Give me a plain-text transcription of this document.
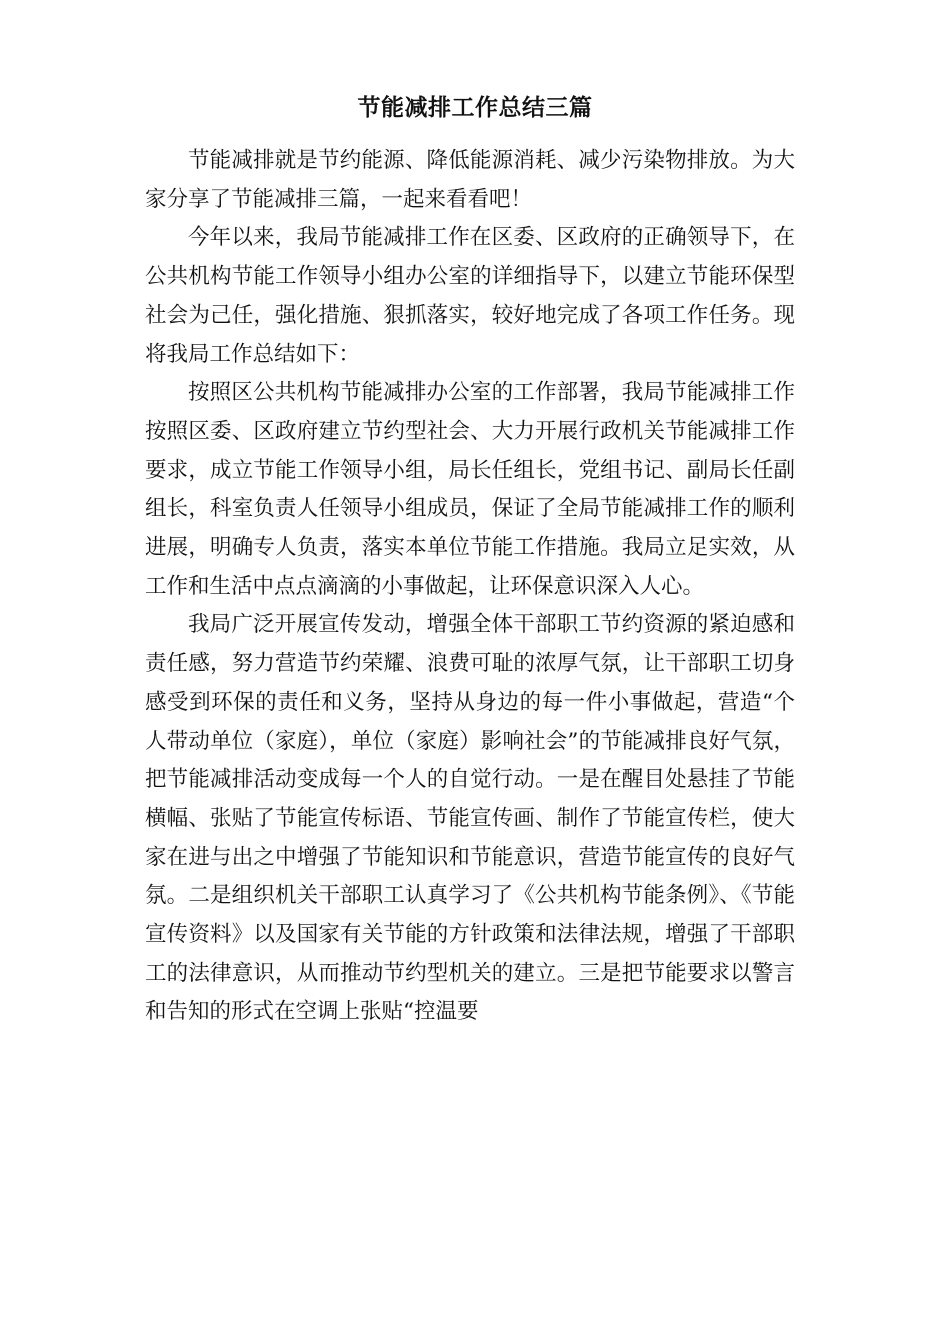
节能减排工作总结三篇

节能减排就是节约能源、降低能源消耗、减少污染物排放。为大家分享了节能减排三篇，一起来看看吧！

今年以来，我局节能减排工作在区委、区政府的正确领导下，在公共机构节能工作领导小组办公室的详细指导下，以建立节能环保型社会为己任，强化措施、狠抓落实，较好地完成了各项工作任务。现将我局工作总结如下：

按照区公共机构节能减排办公室的工作部署，我局节能减排工作按照区委、区政府建立节约型社会、大力开展行政机关节能减排工作要求，成立节能工作领导小组，局长任组长，党组书记、副局长任副组长，科室负责人任领导小组成员，保证了全局节能减排工作的顺利进展，明确专人负责，落实本单位节能工作措施。我局立足实效，从工作和生活中点点滴滴的小事做起，让环保意识深入人心。

我局广泛开展宣传发动，增强全体干部职工节约资源的紧迫感和责任感，努力营造节约荣耀、浪费可耻的浓厚气氛，让干部职工切身感受到环保的责任和义务，坚持从身边的每一件小事做起，营造“个人带动单位（家庭），单位（家庭）影响社会”的节能减排良好气氛，把节能减排活动变成每一个人的自觉行动。一是在醒目处悬挂了节能横幅、张贴了节能宣传标语、节能宣传画、制作了节能宣传栏，使大家在进与出之中增强了节能知识和节能意识，营造节能宣传的良好气氛。二是组织机关干部职工认真学习了《公共机构节能条例》、《节能宣传资料》以及国家有关节能的方针政策和法律法规，增强了干部职工的法律意识，从而推动节约型机关的建立。三是把节能要求以警言和告知的形式在空调上张贴“控温要
